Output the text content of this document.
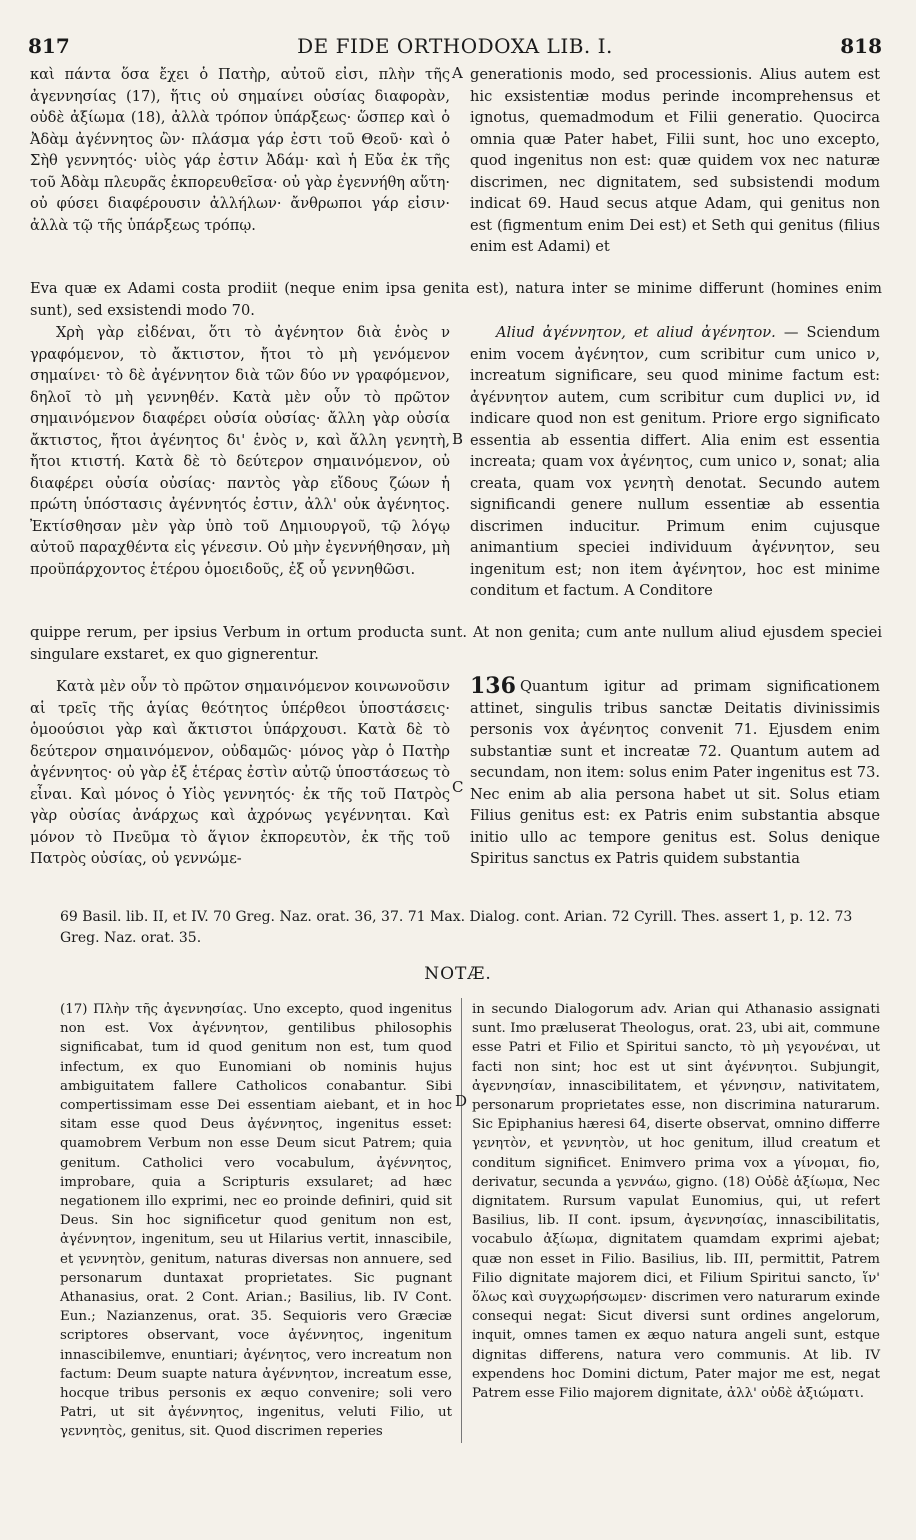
817	DE FIDE ORTHODOXA LIB. I.	818

καὶ πάντα ὅσα ἔχει ὁ Πατὴρ, αὐτοῦ εἰσι, πλὴν τῆς ἀγεννησίας (17), ἥτις οὐ σημαίνει οὐσίας διαφορὰν, οὐδὲ ἀξίωμα (18), ἀλλὰ τρόπον ὑπάρξεως· ὥσπερ καὶ ὁ Ἀδὰμ ἀγέννητος ὢν· πλάσμα γάρ ἐστι τοῦ Θεοῦ· καὶ ὁ Σὴθ γεννητός· υἱὸς γάρ ἐστιν Ἀδάμ· καὶ ἡ Εὔα ἐκ τῆς τοῦ Ἀδὰμ πλευρᾶς ἐκπορευθεῖσα· οὐ γὰρ ἐγεννήθη αὕτη· οὐ φύσει διαφέρουσιν ἀλλήλων· ἄνθρωποι γάρ εἰσιν· ἀλλὰ τῷ τῆς ὑπάρξεως τρόπῳ.

A generationis modo, sed processionis. Alius autem est hic exsistentiæ modus perinde incomprehensus et ignotus, quemadmodum et Filii generatio. Quocirca omnia quæ Pater habet, Filii sunt, hoc uno excepto, quod ingenitus non est: quæ quidem vox nec naturæ discrimen, nec dignitatem, sed subsistendi modum indicat 69. Haud secus atque Adam, qui genitus non est (figmentum enim Dei est) et Seth qui genitus (filius enim est Adami) et

Eva quæ ex Adami costa prodiit (neque enim ipsa genita est), natura inter se minime differunt (homines enim sunt), sed exsistendi modo 70.

Χρὴ γὰρ εἰδέναι, ὅτι τὸ ἀγένητον διὰ ἑνὸς ν γραφόμενον, τὸ ἄκτιστον, ἤτοι τὸ μὴ γενόμενον σημαίνει· τὸ δὲ ἀγέννητον διὰ τῶν δύο νν γραφόμενον, δηλοῖ τὸ μὴ γεννηθέν. Κατὰ μὲν οὖν τὸ πρῶτον σημαινόμενον διαφέρει οὐσία οὐσίας· ἄλλη γὰρ οὐσία ἄκτιστος, ἤτοι ἀγένητος δι' ἑνὸς ν, καὶ ἄλλη γενητὴ, ἤτοι κτιστή. Κατὰ δὲ τὸ δεύτερον σημαινόμενον, οὐ διαφέρει οὐσία οὐσίας· παντὸς γὰρ εἴδους ζώων ἡ πρώτη ὑπόστασις ἀγέννητός ἐστιν, ἀλλ' οὐκ ἀγένητος. Ἐκτίσθησαν μὲν γὰρ ὑπὸ τοῦ Δημιουργοῦ, τῷ λόγῳ αὐτοῦ παραχθέντα εἰς γένεσιν. Οὐ μὴν ἐγεννήθησαν, μὴ προϋπάρχοντος ἑτέρου ὁμοειδοῦς, ἐξ οὗ γεννηθῶσι.

B

Aliud ἀγέννητον, et aliud ἀγένητον. — Sciendum enim vocem ἀγένητον, cum scribitur cum unico ν, increatum significare, seu quod minime factum est: ἀγέννητον autem, cum scribitur cum duplici νν, id indicare quod non est genitum. Priore ergo significato essentia ab essentia differt. Alia enim est essentia increata; quam vox ἀγένητος, cum unico ν, sonat; alia creata, quam vox γενητὴ denotat. Secundo autem significandi genere nullum essentiæ ab essentia discrimen inducitur. Primum enim cujusque animantium speciei individuum ἀγέννητον, seu ingenitum est; non item ἀγένητον, hoc est minime conditum et factum. A Conditore

quippe rerum, per ipsius Verbum in ortum producta sunt. At non genita; cum ante nullum aliud ejusdem speciei singulare exstaret, ex quo gignerentur.

Κατὰ μὲν οὖν τὸ πρῶτον σημαινόμενον κοινωνοῦσιν αἱ τρεῖς τῆς ἁγίας θεότητος ὑπέρθεοι ὑποστάσεις· ὁμοούσιοι γὰρ καὶ ἄκτιστοι ὑπάρχουσι. Κατὰ δὲ τὸ δεύτερον σημαινόμενον, οὐδαμῶς· μόνος γὰρ ὁ Πατὴρ ἀγέννητος· οὐ γὰρ ἐξ ἑτέρας ἐστὶν αὐτῷ ὑποστάσεως τὸ εἶναι. Καὶ μόνος ὁ Υἱὸς γεννητός· ἐκ τῆς τοῦ Πατρὸς γὰρ οὐσίας ἀνάρχως καὶ ἀχρόνως γεγέννηται. Καὶ μόνον τὸ Πνεῦμα τὸ ἅγιον ἐκπορευτὸν, ἐκ τῆς τοῦ Πατρὸς οὐσίας, οὐ γεννώμε-

C

136 Quantum igitur ad primam significationem attinet, singulis tribus sanctæ Deitatis divinissimis personis vox ἀγένητος convenit 71. Ejusdem enim substantiæ sunt et increatæ 72. Quantum autem ad secundam, non item: solus enim Pater ingenitus est 73. Nec enim ab alia persona habet ut sit. Solus etiam Filius genitus est: ex Patris enim substantia absque initio ullo ac tempore genitus est. Solus denique Spiritus sanctus ex Patris quidem substantia

69 Basil. lib. II, et IV. 70 Greg. Naz. orat. 36, 37. 71 Max. Dialog. cont. Arian. 72 Cyrill. Thes. assert 1, p. 12. 73 Greg. Naz. orat. 35.

NOTÆ.

(17) Πλὴν τῆς ἀγεννησίας. Uno excepto, quod ingenitus non est. Vox ἀγέννητον, gentilibus philosophis significabat, tum id quod genitum non est, tum quod infectum, ex quo Eunomiani ob nominis hujus ambiguitatem fallere Catholicos conabantur. Sibi compertissimam esse Dei essentiam aiebant, et in hoc sitam esse quod Deus ἀγέννητος, ingenitus esset: quamobrem Verbum non esse Deum sicut Patrem; quia genitum. Catholici vero vocabulum, ἀγέννητος, improbare, quia a Scripturis exsularet; ad hæc negationem illo exprimi, nec eo proinde definiri, quid sit Deus. Sin hoc significetur quod genitum non est, ἀγέννητον, ingenitum, seu ut Hilarius vertit, innascibile, et γεννητὸν, genitum, naturas diversas non annuere, sed personarum duntaxat proprietates. Sic pugnant Athanasius, orat. 2 Cont. Arian.; Basilius, lib. IV Cont. Eun.; Nazianzenus, orat. 35. Sequioris vero Græciæ scriptores observant, voce ἀγέννητος, ingenitum innascibilemve, enuntiari; ἀγένητος, vero increatum non factum: Deum suapte natura ἀγέννητον, increatum esse, hocque tribus personis ex æquo convenire; soli vero Patri, ut sit ἀγέννητος, ingenitus, veluti Filio, ut γεννητὸς, genitus, sit. Quod discrimen reperies

D

in secundo Dialogorum adv. Arian qui Athanasio assignati sunt. Imo præluserat Theologus, orat. 23, ubi ait, commune esse Patri et Filio et Spiritui sancto, τὸ μὴ γεγονέναι, ut facti non sint; hoc est ut sint ἀγέννητοι. Subjungit, ἀγεννησίαν, innascibilitatem, et γέννησιν, nativitatem, personarum proprietates esse, non discrimina naturarum. Sic Epiphanius hæresi 64, diserte observat, omnino differre γενητὸν, et γεννητὸν, ut hoc genitum, illud creatum et conditum significet. Enimvero prima vox a γίνομαι, fio, derivatur, secunda a γεννάω, gigno. (18) Οὐδὲ ἀξίωμα, Nec dignitatem. Rursum vapulat Eunomius, qui, ut refert Basilius, lib. II cont. ipsum, ἀγεννησίας, innascibilitatis, vocabulo ἀξίωμα, dignitatem quamdam exprimi ajebat; quæ non esset in Filio. Basilius, lib. III, permittit, Patrem Filio dignitate majorem dici, et Filium Spiritui sancto, ἵν' ὅλως καὶ συγχωρήσωμεν· discrimen vero naturarum exinde consequi negat: Sicut diversi sunt ordines angelorum, inquit, omnes tamen ex æquo natura angeli sunt, estque dignitas differens, natura vero communis. At lib. IV expendens hoc Domini dictum, Pater major me est, negat Patrem esse Filio majorem dignitate, ἀλλ' οὐδὲ ἀξιώματι.
